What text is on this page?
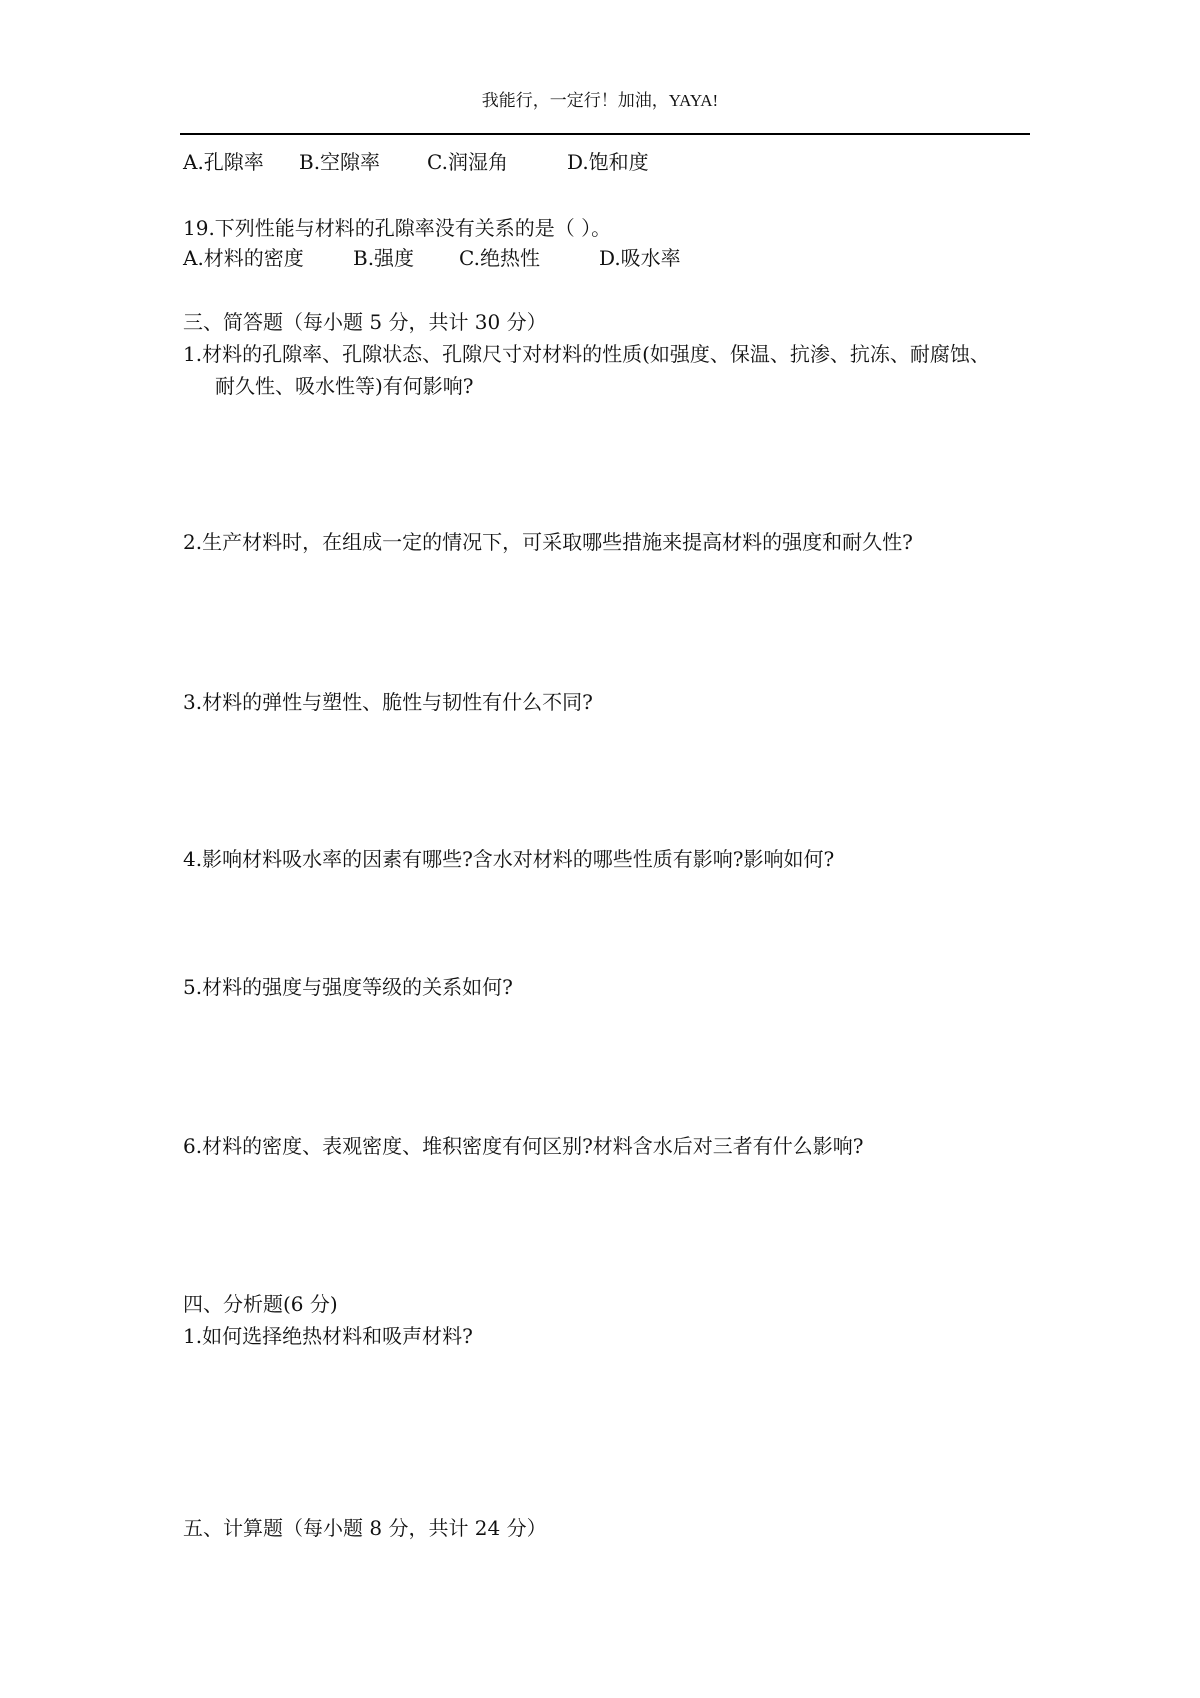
我能行，一定行！加油，YAYA!
A.孔隙率 B.空隙率 C.润湿角	D.饱和度
19.下列性能与材料的孔隙率没有关系的是（ ）。
A.材料的密度 B.强度 C.绝热性	D.吸水率
三、简答题（每小题 5 分，共计 30 分）
1.材料的孔隙率、孔隙状态、孔隙尺寸对材料的性质(如强度、保温、抗渗、抗冻、耐腐蚀、
耐久性、吸水性等)有何影响?
2.生产材料时，在组成一定的情况下，可采取哪些措施来提高材料的强度和耐久性?
3.材料的弹性与塑性、脆性与韧性有什么不同?
4.影响材料吸水率的因素有哪些?含水对材料的哪些性质有影响?影响如何?
5.材料的强度与强度等级的关系如何?
6.材料的密度、表观密度、堆积密度有何区别?材料含水后对三者有什么影响?
四、分析题(6 分)
1.如何选择绝热材料和吸声材料?
五、计算题（每小题 8 分，共计 24 分）
